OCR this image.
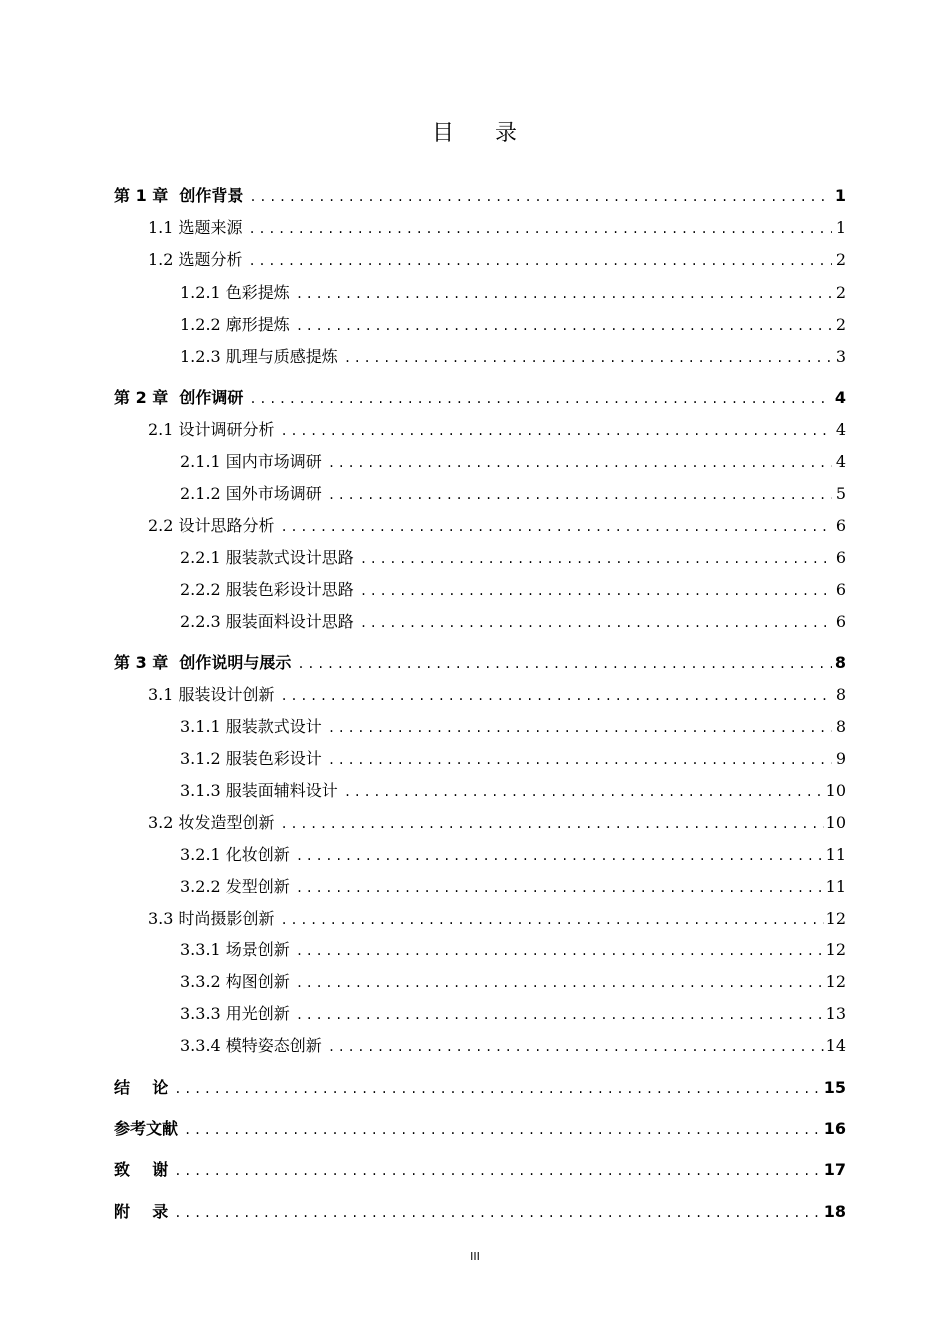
目 录
第 1 章  创作背景 .....	1
1.1 选题来源 .....	1
1.2 选题分析 .....	2
1.2.1 色彩提炼 .....	2
1.2.2 廓形提炼 .....	2
1.2.3 肌理与质感提炼 .....	3
第 2 章  创作调研 .....	4
2.1 设计调研分析 .....	4
2.1.1 国内市场调研 .....	4
2.1.2 国外市场调研 .....	5
2.2 设计思路分析 .....	6
2.2.1 服装款式设计思路 .....	6
2.2.2 服装色彩设计思路 .....	6
2.2.3 服装面料设计思路 .....	6
第 3 章  创作说明与展示 .....	8
3.1 服装设计创新 .....	8
3.1.1 服装款式设计 .....	8
3.1.2 服装色彩设计 .....	9
3.1.3 服装面辅料设计 .....	10
3.2 妆发造型创新 .....	10
3.2.1 化妆创新 .....	11
3.2.2 发型创新 .....	11
3.3 时尚摄影创新 .....	12
3.3.1 场景创新 .....	12
3.3.2 构图创新 .....	12
3.3.3 用光创新 .....	13
3.3.4 模特姿态创新 .....	14
结    论 .....	15
参考文献 .....	16
致    谢 .....	17
附    录 .....	18
III
